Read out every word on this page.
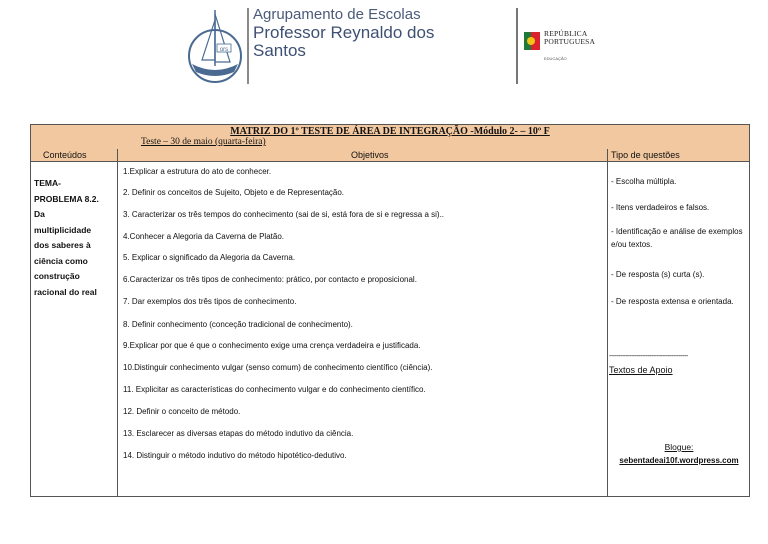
ors
Agrupamento de Escolas
Professor Reynaldo dos
Santos
REPÚBLICA
PORTUGUESA
EDUCAÇÃO
MATRIZ DO 1º TESTE DE ÁREA DE INTEGRAÇÃO -Módulo 2- – 10º F
Teste – 30 de maio (quarta-feira)
Conteúdos	Objetivos	Tipo de questões
TEMA-
PROBLEMA 8.2.
Da
multiplicidade
dos saberes à
ciência como
construção
racional do real
1.Explicar a estrutura do ato de conhecer.
2. Definir os conceitos de Sujeito, Objeto e de Representação.
3. Caracterizar os três tempos do conhecimento (sai de si, está fora de si e regressa a si)..
4.Conhecer a Alegoria da Caverna de Platão.
5. Explicar o significado da Alegoria da Caverna.
6.Caracterizar os três tipos de conhecimento: prático, por contacto e proposicional.
7. Dar exemplos dos três tipos de conhecimento.
8. Definir conhecimento (conceção tradicional de conhecimento).
9.Explicar por que é que o conhecimento exige uma crença verdadeira e justificada.
10.Distinguir conhecimento vulgar (senso comum) de conhecimento científico (ciência).
11. Explicitar as características do conhecimento vulgar e do conhecimento científico.
12. Definir o conceito de método.
13. Esclarecer as diversas etapas do método indutivo da ciência.
14. Distinguir o método indutivo do método hipotético-dedutivo.
- Escolha múltipla.
- Itens verdadeiros e falsos.
- Identificação e análise de exemplos e/ou textos.
- De resposta (s) curta (s).
- De resposta extensa e orientada.
-------------------------------------------
Textos de Apoio
Blogue:
sebentadeai10f.wordpress.com
